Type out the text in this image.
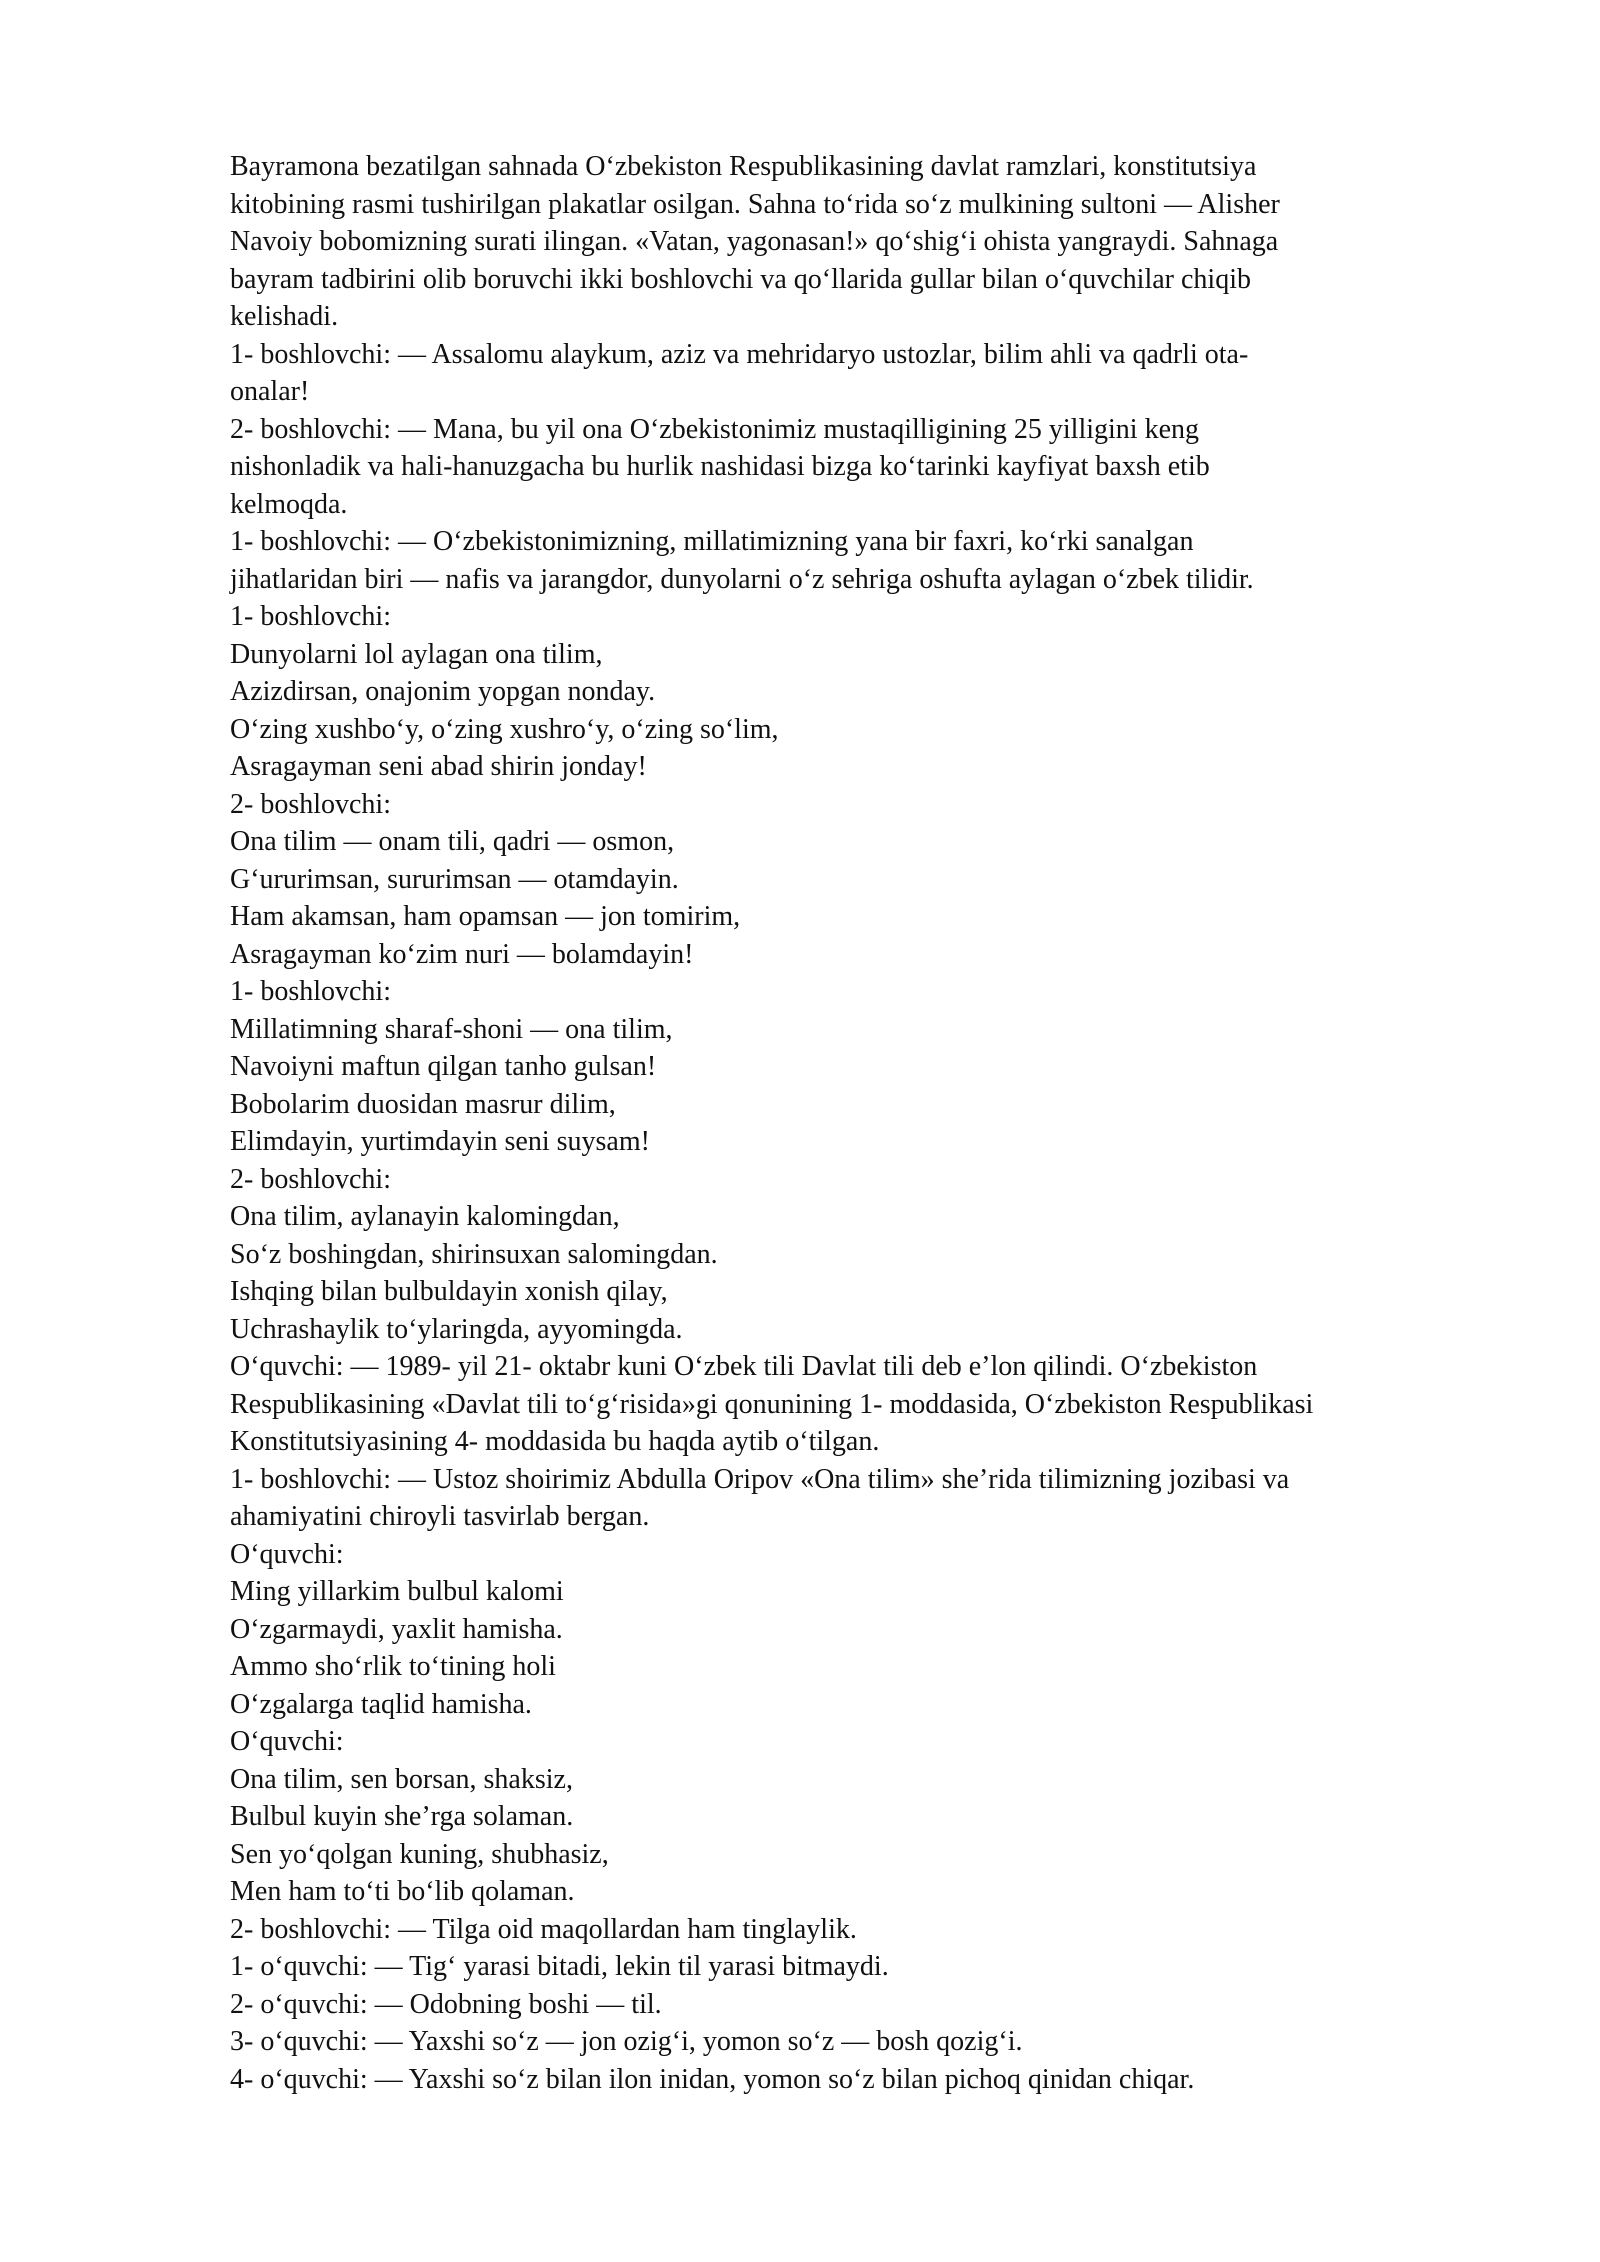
Bayramona bezatilgan sahnada O‘zbekiston Respublikasining davlat ramzlari, konstitutsiya

kitobining rasmi tushirilgan plakatlar osilgan. Sahna to‘rida so‘z mulkining sultoni — Alisher

Navoiy bobomizning surati ilingan. «Vatan, yagonasan!» qo‘shig‘i ohista yangraydi. Sahnaga

bayram tadbirini olib boruvchi ikki boshlovchi va qo‘llarida gullar bilan o‘quvchilar chiqib

kelishadi.

1- boshlovchi: — Assalomu alaykum, aziz va mehridaryo ustozlar, bilim ahli va qadrli ota-

onalar!

2- boshlovchi: — Mana, bu yil ona O‘zbekistonimiz mustaqilligining 25 yilligini keng

nishonladik va hali-hanuzgacha bu hurlik nashidasi bizga ko‘tarinki kayfiyat baxsh etib

kelmoqda.

1- boshlovchi: — O‘zbekistonimizning, millatimizning yana bir faxri, ko‘rki sanalgan

jihatlaridan biri — nafis va jarangdor, dunyolarni o‘z sehriga oshufta aylagan o‘zbek tilidir.

1- boshlovchi:

Dunyolarni lol aylagan ona tilim,

Azizdirsan, onajonim yopgan nonday.

O‘zing xushbo‘y, o‘zing xushro‘y, o‘zing so‘lim,

Asragayman seni abad shirin jonday!

2- boshlovchi:

Ona tilim — onam tili, qadri — osmon,

G‘ururimsan, sururimsan — otamdayin.

Ham akamsan, ham opamsan — jon tomirim,

Asragayman ko‘zim nuri — bolamdayin!

1- boshlovchi:

Millatimning sharaf-shoni — ona tilim,

Navoiyni maftun qilgan tanho gulsan!

Bobolarim duosidan masrur dilim,

Elimdayin, yurtimdayin seni suysam!

2- boshlovchi:

Ona tilim, aylanayin kalomingdan,

So‘z boshingdan, shirinsuxan salomingdan.

Ishqing bilan bulbuldayin xonish qilay,

Uchrashaylik to‘ylaringda, ayyomingda.

O‘quvchi: — 1989- yil 21- oktabr kuni O‘zbek tili Davlat tili deb e’lon qilindi. O‘zbekiston

Respublikasining «Davlat tili to‘g‘risida»gi qonunining 1- moddasida, O‘zbekiston Respublikasi

Konstitutsiyasining 4- moddasida bu haqda aytib o‘tilgan.

1- boshlovchi: — Ustoz shoirimiz Abdulla Oripov «Ona tilim» she’rida tilimizning jozibasi va

ahamiyatini chiroyli tasvirlab bergan.

O‘quvchi:

Ming yillarkim bulbul kalomi

O‘zgarmaydi, yaxlit hamisha.

Ammo sho‘rlik to‘tining holi

O‘zgalarga taqlid hamisha.

O‘quvchi:

Ona tilim, sen borsan, shaksiz,

Bulbul kuyin she’rga solaman.

Sen yo‘qolgan kuning, shubhasiz,

Men ham to‘ti bo‘lib qolaman.

2- boshlovchi: — Tilga oid maqollardan ham tinglaylik.

1- o‘quvchi: — Tig‘ yarasi bitadi, lekin til yarasi bitmaydi.

2- o‘quvchi: — Odobning boshi — til.

3- o‘quvchi: — Yaxshi so‘z — jon ozig‘i, yomon so‘z — bosh qozig‘i.

4- o‘quvchi: — Yaxshi so‘z bilan ilon inidan, yomon so‘z bilan pichoq qinidan chiqar.
